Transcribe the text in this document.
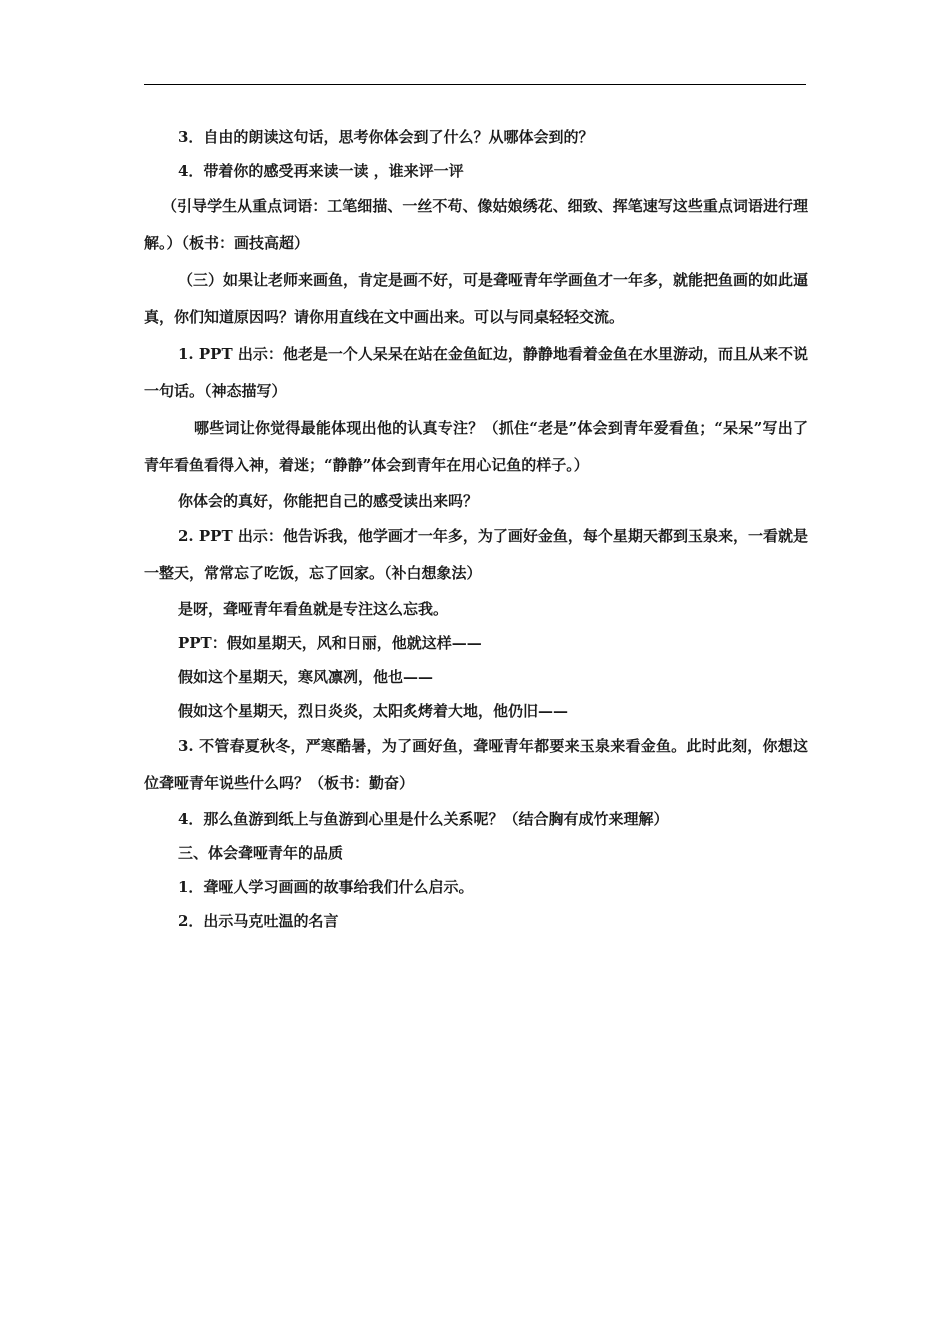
3．自由的朗读这句话，思考你体会到了什么？从哪体会到的？

4．带着你的感受再来读一读 ，谁来评一评

（引导学生从重点词语：工笔细描、一丝不苟、像姑娘绣花、细致、挥笔速写这些重点词语进行理解。）（板书：画技高超）

（三）如果让老师来画鱼，肯定是画不好，可是聋哑青年学画鱼才一年多，就能把鱼画的如此逼真，你们知道原因吗？请你用直线在文中画出来。可以与同桌轻轻交流。

1. PPT 出示：他老是一个人呆呆在站在金鱼缸边，静静地看着金鱼在水里游动，而且从来不说一句话。（神态描写）

哪些词让你觉得最能体现出他的认真专注？（抓住“老是”体会到青年爱看鱼；“呆呆”写出了青年看鱼看得入神，着迷；“静静”体会到青年在用心记鱼的样子。）

你体会的真好，你能把自己的感受读出来吗？

2. PPT 出示：他告诉我，他学画才一年多，为了画好金鱼，每个星期天都到玉泉来，一看就是一整天，常常忘了吃饭，忘了回家。（补白想象法）

是呀，聋哑青年看鱼就是专注这么忘我。

PPT：假如星期天，风和日丽，他就这样——

假如这个星期天，寒风凛冽，他也——

假如这个星期天，烈日炎炎，太阳炙烤着大地，他仍旧——

3. 不管春夏秋冬，严寒酷暑，为了画好鱼，聋哑青年都要来玉泉来看金鱼。此时此刻，你想这位聋哑青年说些什么吗？（板书：勤奋）

4．那么鱼游到纸上与鱼游到心里是什么关系呢？（结合胸有成竹来理解）

三、体会聋哑青年的品质

1．聋哑人学习画画的故事给我们什么启示。

2．出示马克吐温的名言
